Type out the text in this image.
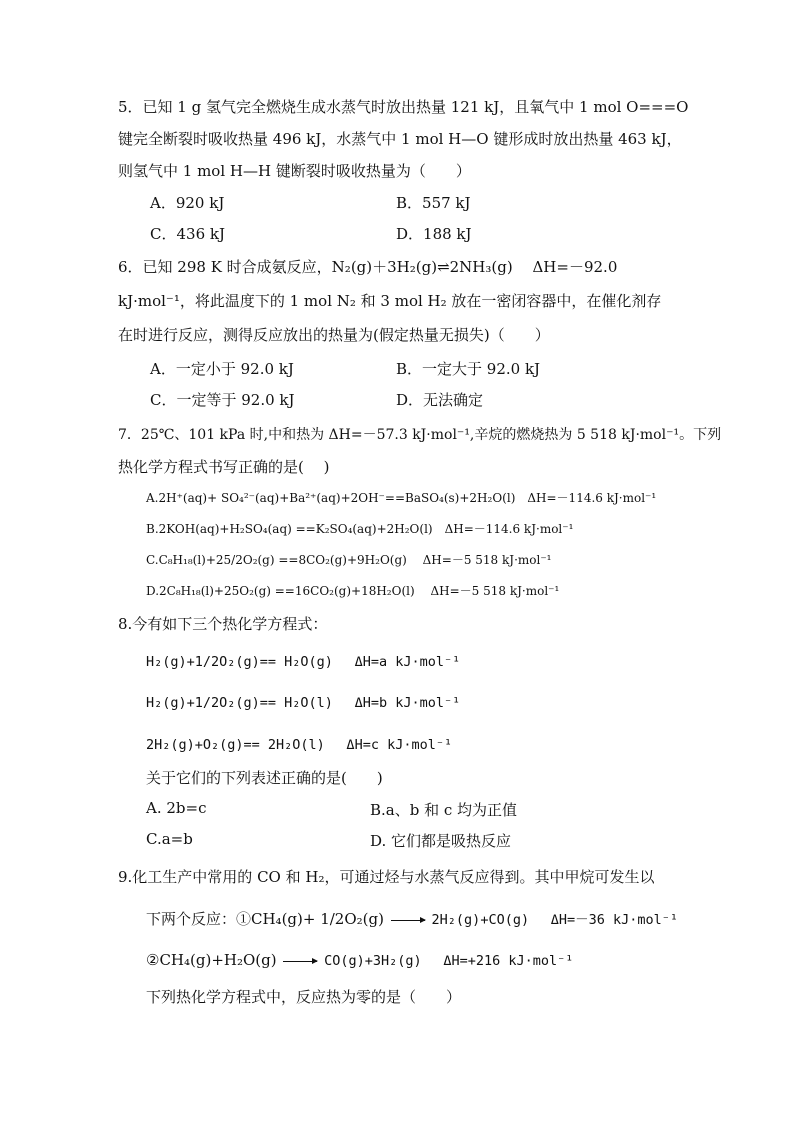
5．已知 1 g 氢气完全燃烧生成水蒸气时放出热量 121 kJ，且氧气中 1 mol O===O
键完全断裂时吸收热量 496 kJ，水蒸气中 1 mol H—O 键形成时放出热量 463 kJ，
则氢气中 1 mol H—H 键断裂时吸收热量为（　　）
A．920 kJ	B．557 kJ
C．436 kJ	D．188 kJ
6．已知 298 K 时合成氨反应，N₂(g)＋3H₂(g)⇌2NH₃(g)　 ΔH=－92.0
kJ·mol⁻¹，将此温度下的 1 mol N₂ 和 3 mol H₂ 放在一密闭容器中，在催化剂存
在时进行反应，测得反应放出的热量为(假定热量无损失)（　　）
A．一定小于 92.0 kJ	B．一定大于 92.0 kJ
C．一定等于 92.0 kJ	D．无法确定
7．25℃、101 kPa 时,中和热为 ΔH=－57.3 kJ·mol⁻¹,辛烷的燃烧热为 5 518 kJ·mol⁻¹。下列
热化学方程式书写正确的是(　 )
A.2H⁺(aq)+ SO₄²⁻(aq)+Ba²⁺(aq)+2OH⁻==BaSO₄(s)+2H₂O(l)　ΔH=－114.6 kJ·mol⁻¹
B.2KOH(aq)+H₂SO₄(aq) ==K₂SO₄(aq)+2H₂O(l)　ΔH=－114.6 kJ·mol⁻¹
C.C₈H₁₈(l)+25/2O₂(g) ==8CO₂(g)+9H₂O(g)　 ΔH=－5 518 kJ·mol⁻¹
D.2C₈H₁₈(l)+25O₂(g) ==16CO₂(g)+18H₂O(l)　 ΔH=－5 518 kJ·mol⁻¹
8.今有如下三个热化学方程式：
H₂(g)+1/2O₂(g)== H₂O(g)　 ΔH=a kJ·mol⁻¹
H₂(g)+1/2O₂(g)== H₂O(l)　 ΔH=b kJ·mol⁻¹
2H₂(g)+O₂(g)== 2H₂O(l)　 ΔH=c kJ·mol⁻¹
关于它们的下列表述正确的是(　　)
A. 2b=c	B.a、b 和 c 均为正值
C.a=b	D. 它们都是吸热反应
9.化工生产中常用的 CO 和 H₂，可通过烃与水蒸气反应得到。其中甲烷可发生以
下两个反应：①CH₄(g)+ 1/2O₂(g) → 2H₂(g)+CO(g)　 ΔH=－36 kJ·mol⁻¹
②CH₄(g)+H₂O(g) → CO(g)+3H₂(g)　 ΔH=+216 kJ·mol⁻¹
下列热化学方程式中，反应热为零的是（　　）
